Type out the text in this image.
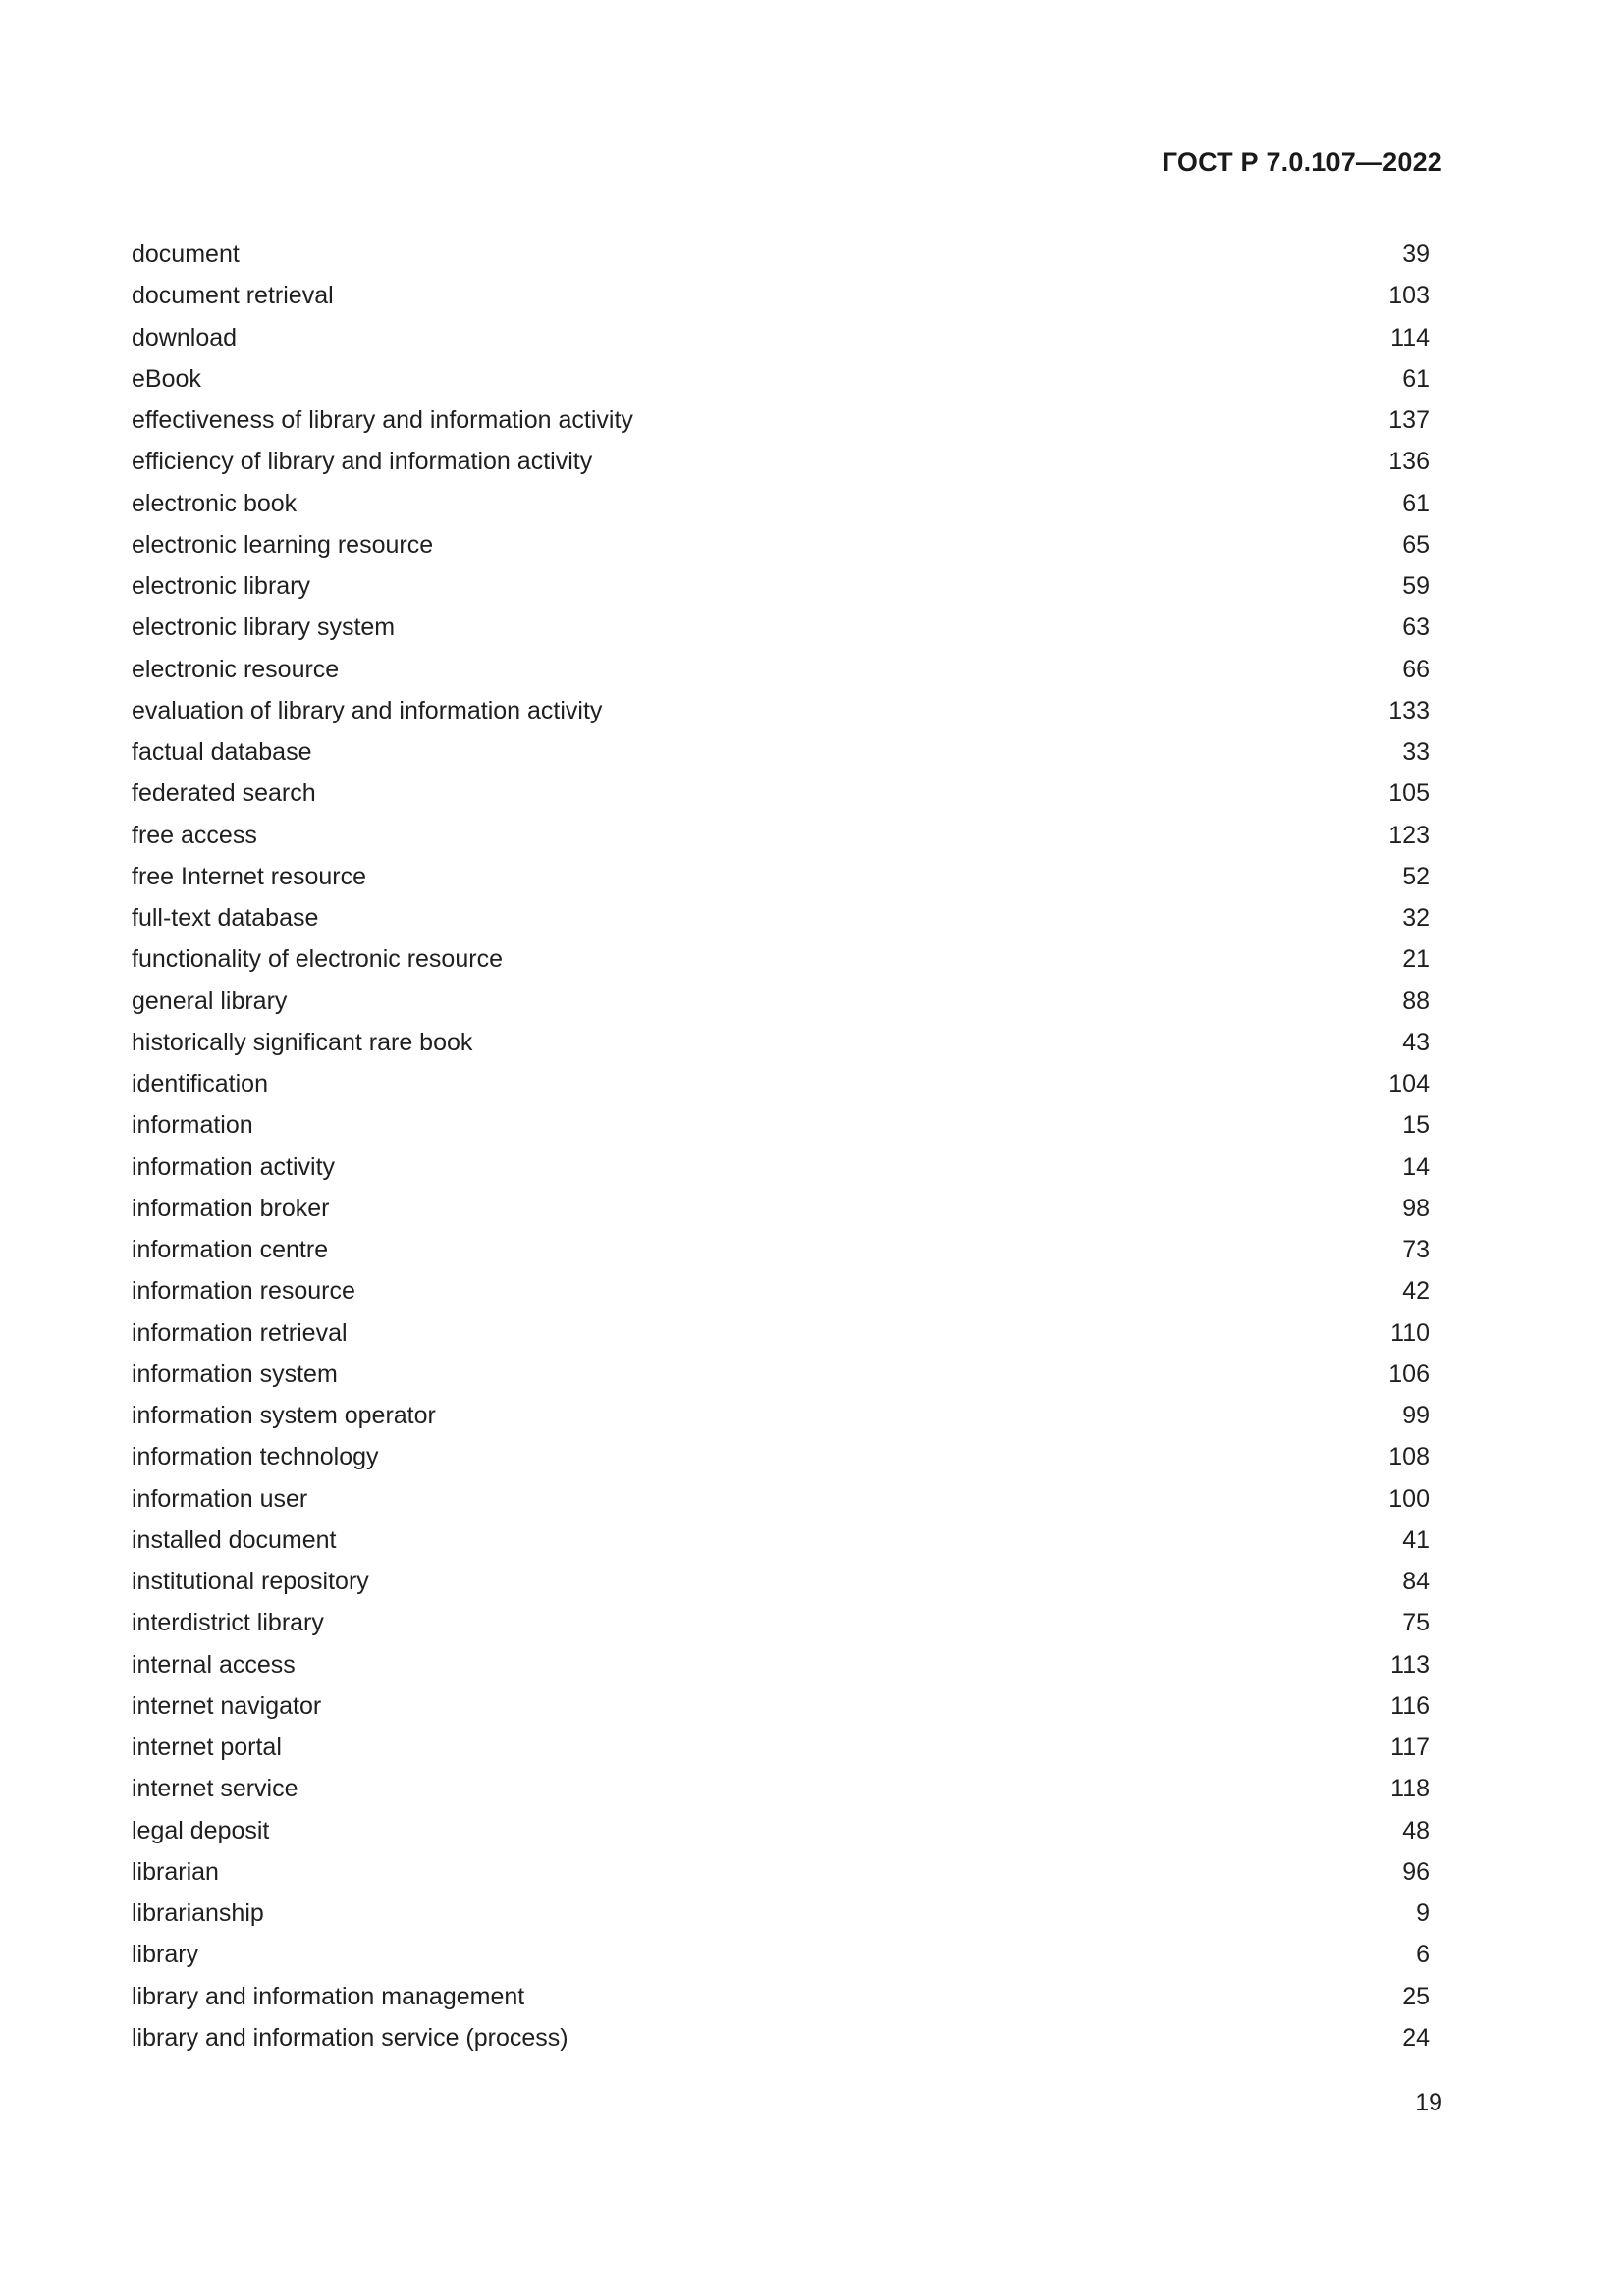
ГОСТ Р 7.0.107—2022
document	39
document retrieval	103
download	114
eBook	61
effectiveness of library and information activity	137
efficiency of library and information activity	136
electronic book	61
electronic learning resource	65
electronic library	59
electronic library system	63
electronic resource	66
evaluation of library and information activity	133
factual database	33
federated search	105
free access	123
free Internet resource	52
full-text database	32
functionality of electronic resource	21
general library	88
historically significant rare book	43
identification	104
information	15
information activity	14
information broker	98
information centre	73
information resource	42
information retrieval	110
information system	106
information system operator	99
information technology	108
information user	100
installed document	41
institutional repository	84
interdistrict library	75
internal access	113
internet navigator	116
internet portal	117
internet service	118
legal deposit	48
librarian	96
librarianship	9
library	6
library and information management	25
library and information service (process)	24
19
